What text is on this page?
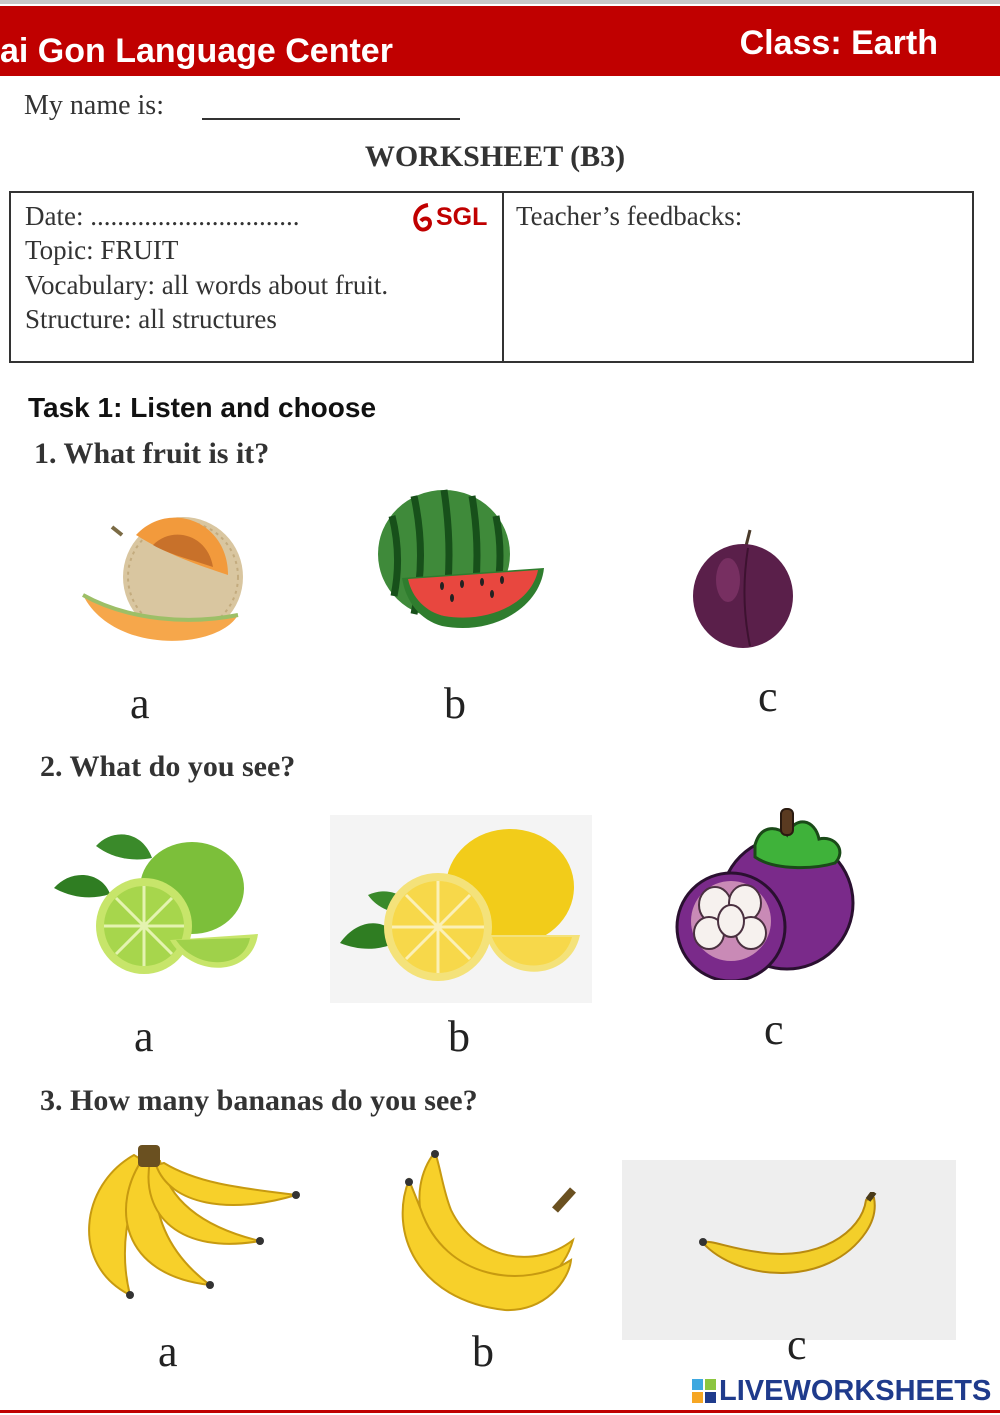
ai Gon Language Center	Class: Earth
My name is:
WORKSHEET (B3)
Date: ...............................
Topic: FRUIT
Vocabulary: all words about fruit.
Structure: all structures
SGL Teacher’s feedbacks:
Task 1: Listen and choose
1. What fruit is it?
a	b	c
2. What do you see?
a	b	c
3. How many bananas do you see?
a	b	c
LIVEWORKSHEETS
